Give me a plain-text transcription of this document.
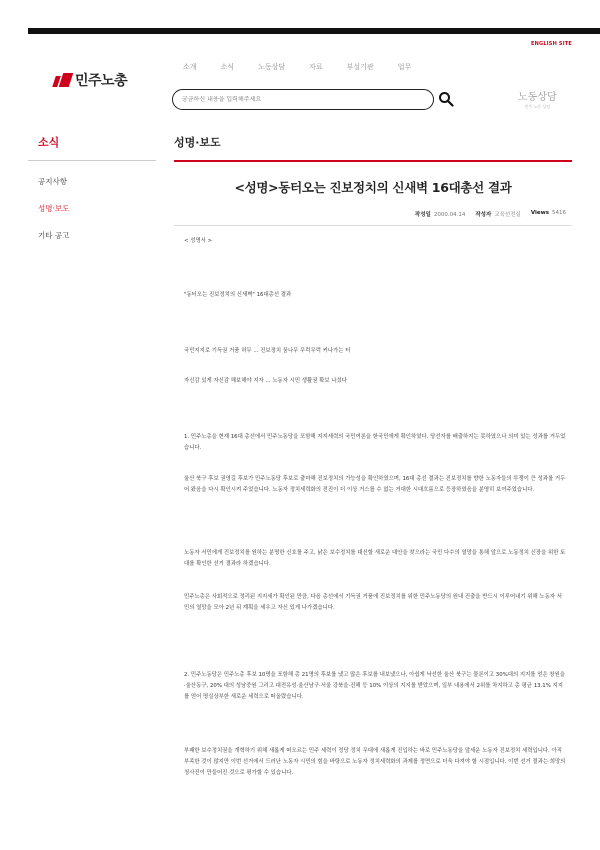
ENGLISH SITE
민주노총
소개	소식	노동상담	자료	부설기관	업무
궁금하신 내용을 입력해주세요
노동상담
민주 노동 상담
소식
공지사항
성명·보도
기타 공고
성명·보도
<성명>동터오는 진보정치의 신새벽 16대총선 결과
작성일 2000.04.14 작성자 교육선전실 Views 5416

< 성명서 >

"동터오는 진보정치의 신새벽" 16대총선 결과

국민지지로 기득권 거품 허무 ... 진보정치 꿈나무 무럭무럭 커나가는 터

자신감 있게 자신감 해보해야 지자 ... 노동자 시민 생활권 확보 나섰다

1. 민주노총을 현재 16대 총선에서 민주노동당을 포함해 지지세력의 국민여론을 한국민에게 확인하였다. 당선자를 배출하지는 못하였으나 의미 있는 성과를 거두었습니다.

울산 북구 후보 권영길 후보가 민주노동당 후보로 출마해 진보정치의 가능성을 확인하였으며, 16대 총선 결과는 진보정치를 향한 노동자들의 투쟁이 큰 성과를 거두어 왔음을 다시 확인시켜 주었습니다. 노동자 정치세력화의 전진이 더 이상 거스를 수 없는 거대한 시대흐름으로 등장하였음을 분명히 보여주었습니다.

노동자 서민에게 진보정치를 원하는 분명한 신호를 주고, 낡은 보수정치를 대신할 새로운 대안을 찾으라는 국민 다수의 열망을 통해 앞으로 노동정치 신장을 위한 토대를 확인한 선거 결과라 하겠습니다.

민주노총은 사회적으로 정리된 지지세가 확인된 만큼, 다음 총선에서 기득권 거품에 진보정치를 위한 민주노동당의 원내 진출을 반드시 이루어내기 위해 노동자 서민의 열망을 모아 2년 뒤 계획을 세우고 자신 있게 나가겠습니다.

2. 민주노동당은 민주노총 후보 10명을 포함해 총 21명의 후보를 냈고 많은 후보를 내보냈으나, 아쉽게 낙선한 울산 북구는 물론이고 30%대의 지지를 얻은 창원을·울산동구, 20% 대의 성남중원 그리고 대전유성·울산남구·서울 강북을·진해 등 10% 이상의 지지를 받았으며, 일부 내용에서 2위를 차지하고 총 평균 13.1% 지지를 얻어 명실상부한 새로운 세력으로 떠올랐습니다.

부패한 보수정치권을 개혁하기 위해 새롭게 떠오르는 민주 세력이 정당 정치 무대에 새롭게 진입하는 바로 민주노동당을 앞세운 노동자 진보정치 세력입니다. 아직 부족한 것이 많지만 이번 선거에서 드러난 노동자 시민의 힘을 바탕으로 노동자 정치세력화의 과제를 정면으로 더욱 다져야 할 시점입니다. 이번 선거 결과는 희망의 청사진이 만들어진 것으로 평가할 수 있습니다.
